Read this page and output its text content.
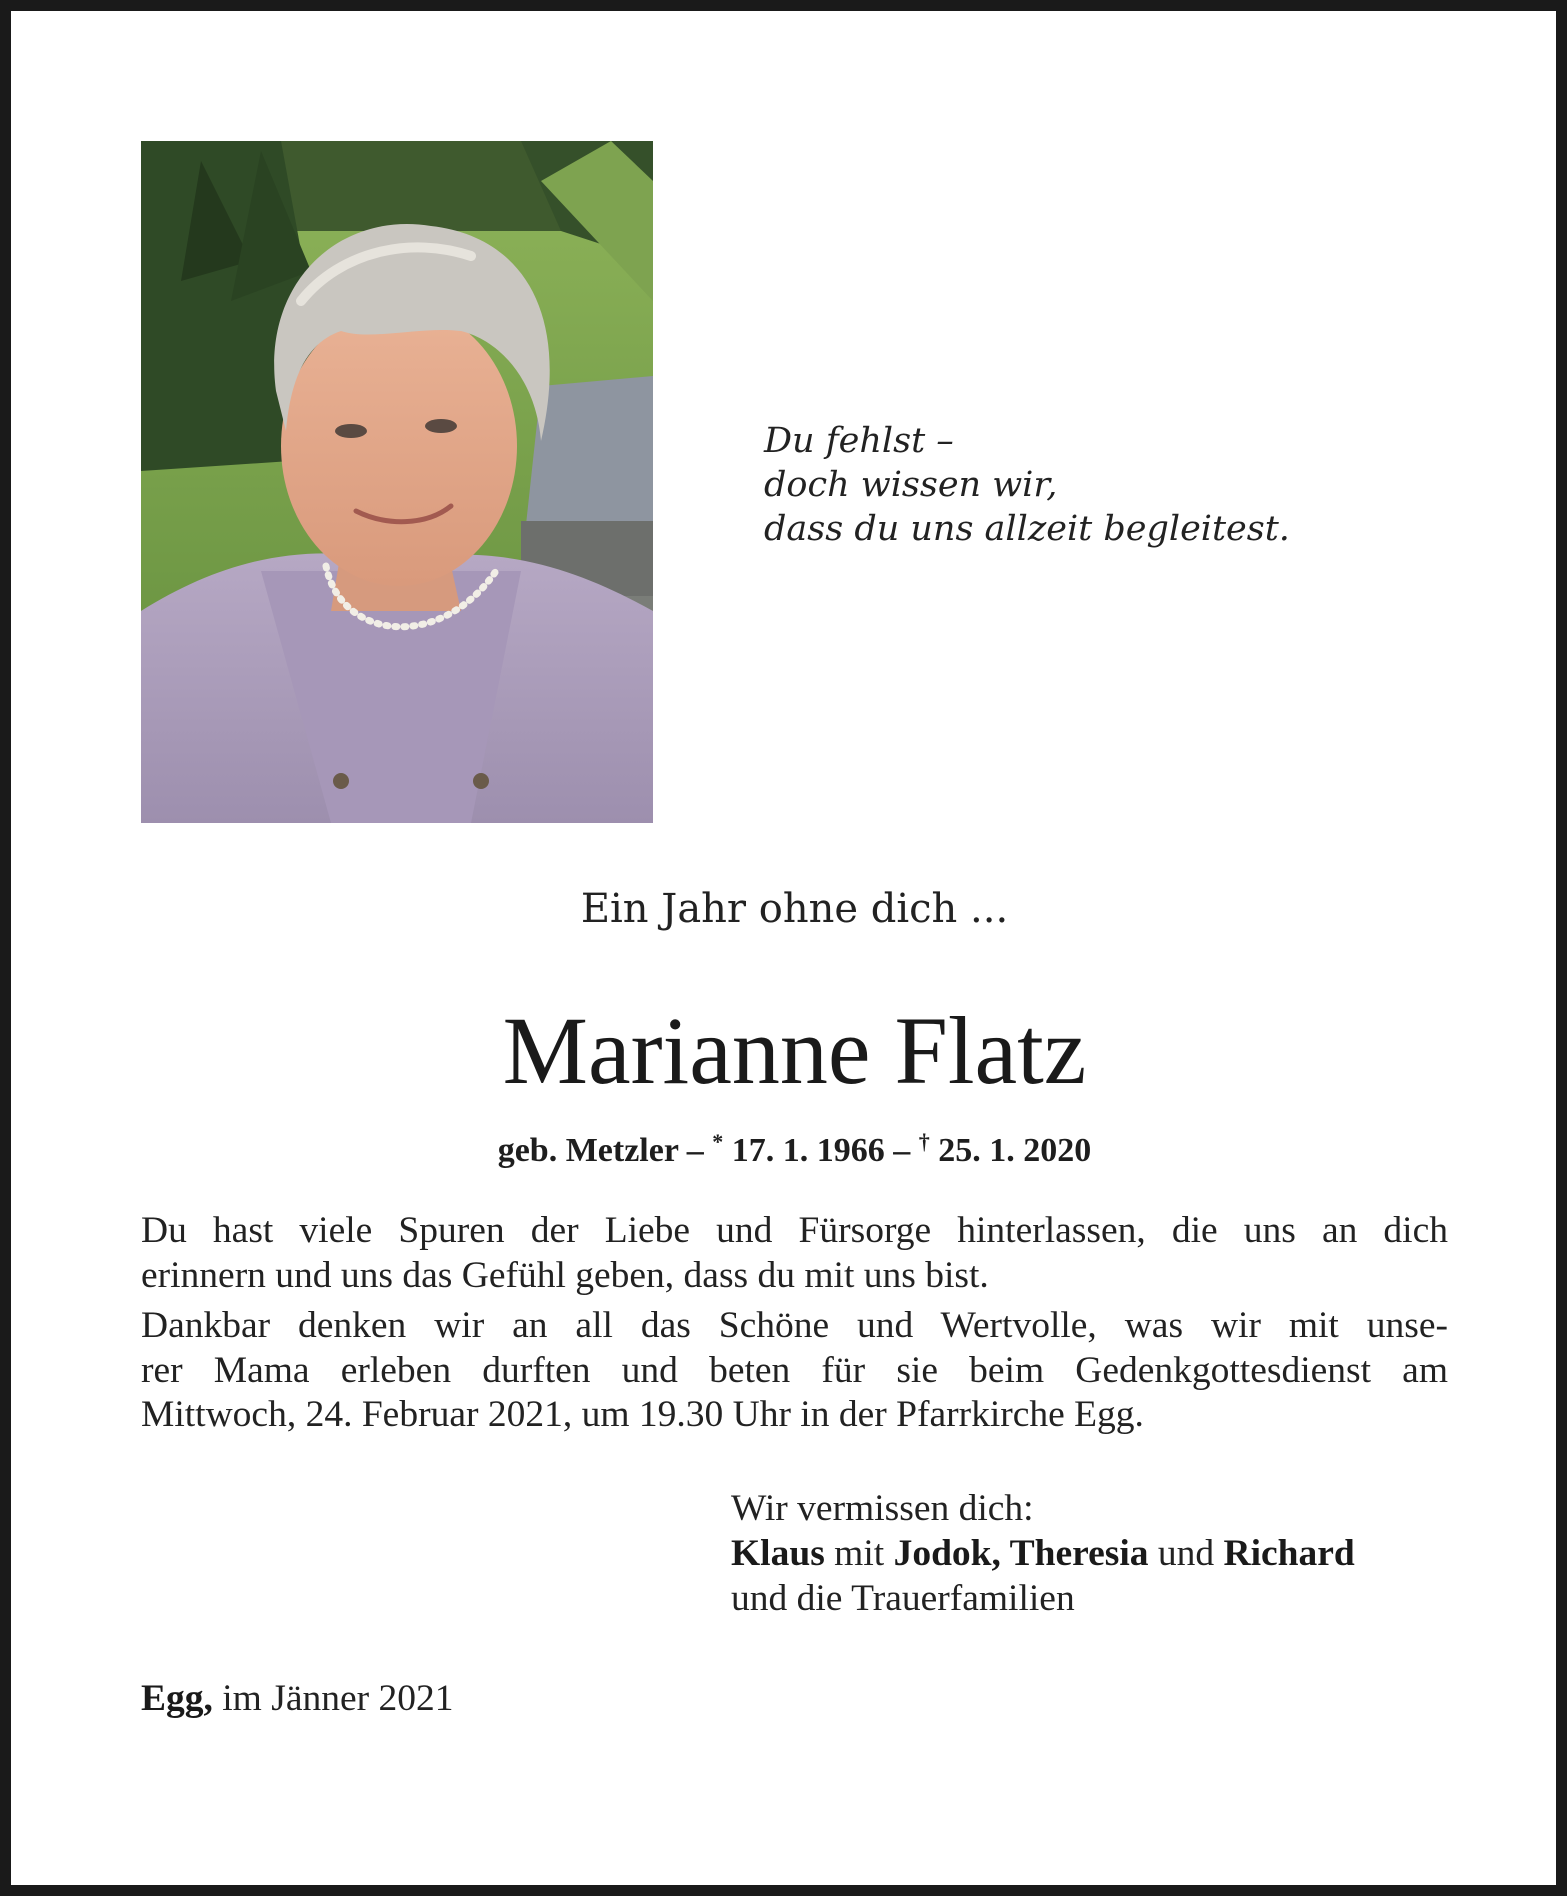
Du fehlst –
doch wissen wir,
dass du uns allzeit begleitest.
Ein Jahr ohne dich ...
Marianne Flatz
geb. Metzler – * 17. 1. 1966 – † 25. 1. 2020
Du hast viele Spuren der Liebe und Fürsorge hinterlassen, die uns an dich
erinnern und uns das Gefühl geben, dass du mit uns bist.
Dankbar denken wir an all das Schöne und Wertvolle, was wir mit unse-
rer Mama erleben durften und beten für sie beim Gedenkgottesdienst am
Mittwoch, 24. Februar 2021, um 19.30 Uhr in der Pfarrkirche Egg.
Wir vermissen dich:
Klaus mit Jodok, Theresia und Richard
und die Trauerfamilien
Egg, im Jänner 2021
